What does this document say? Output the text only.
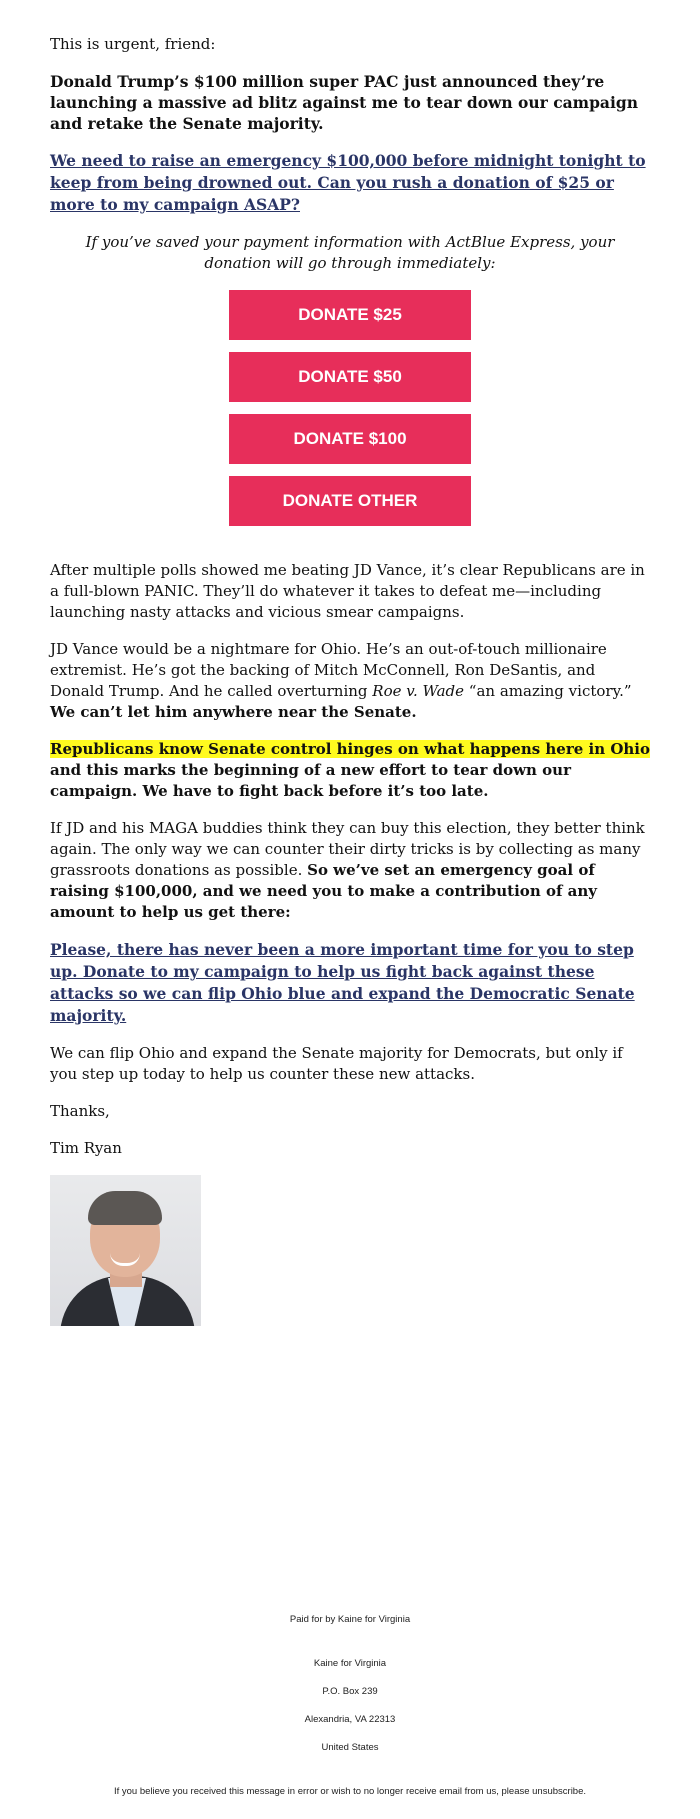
This is urgent, friend:

Donald Trump’s $100 million super PAC just announced they’re launching a massive ad blitz against me to tear down our campaign and retake the Senate majority.

We need to raise an emergency $100,000 before midnight tonight to keep from being drowned out. Can you rush a donation of $25 or more to my campaign ASAP?

If you’ve saved your payment information with ActBlue Express, your donation will go through immediately:

DONATE $25
DONATE $50
DONATE $100
DONATE OTHER

After multiple polls showed me beating JD Vance, it’s clear Republicans are in a full-blown PANIC. They’ll do whatever it takes to defeat me—including launching nasty attacks and vicious smear campaigns.

JD Vance would be a nightmare for Ohio. He’s an out-of-touch millionaire extremist. He’s got the backing of Mitch McConnell, Ron DeSantis, and Donald Trump. And he called overturning Roe v. Wade “an amazing victory.” We can’t let him anywhere near the Senate.

Republicans know Senate control hinges on what happens here in Ohio and this marks the beginning of a new effort to tear down our campaign. We have to fight back before it’s too late.

If JD and his MAGA buddies think they can buy this election, they better think again. The only way we can counter their dirty tricks is by collecting as many grassroots donations as possible. So we’ve set an emergency goal of raising $100,000, and we need you to make a contribution of any amount to help us get there:

Please, there has never been a more important time for you to step up. Donate to my campaign to help us fight back against these attacks so we can flip Ohio blue and expand the Democratic Senate majority.

We can flip Ohio and expand the Senate majority for Democrats, but only if you step up today to help us counter these new attacks.

Thanks,

Tim Ryan

Paid for by Kaine for Virginia
Kaine for Virginia
P.O. Box 239
Alexandria, VA 22313
United States
If you believe you received this message in error or wish to no longer receive email from us, please unsubscribe.
